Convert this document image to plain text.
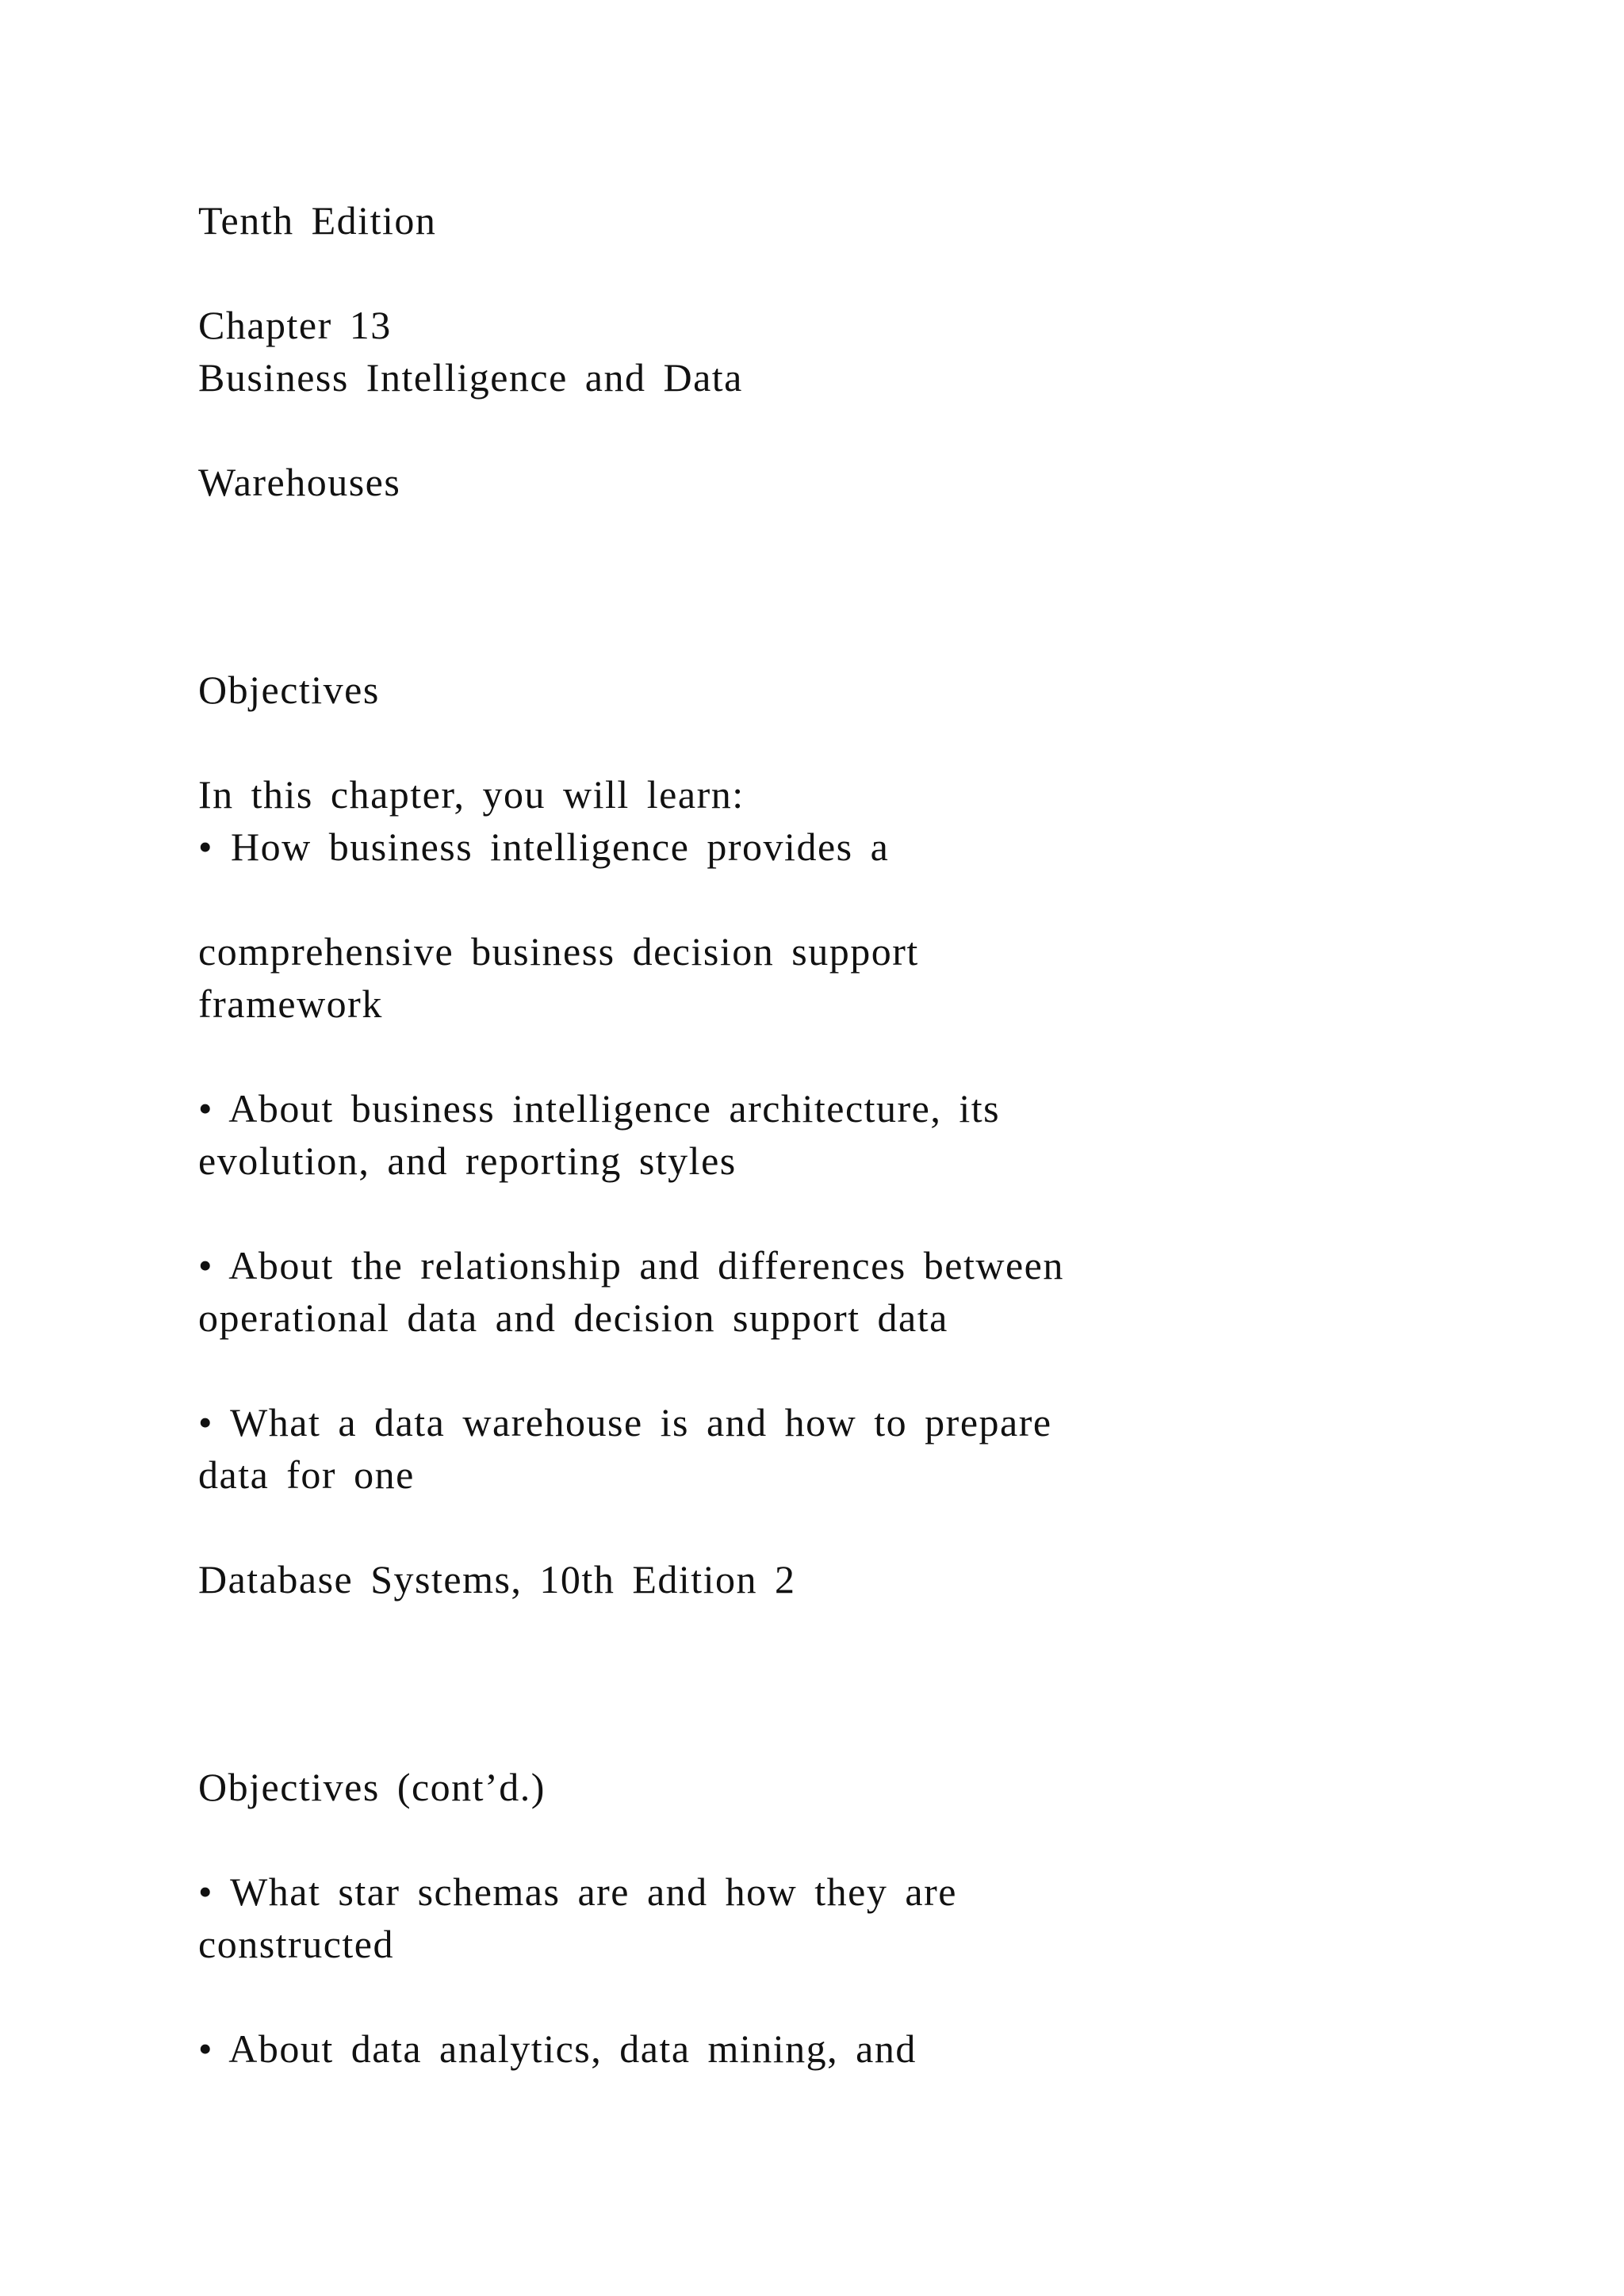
Tenth Edition

Chapter 13

Business Intelligence and Data

Warehouses

Objectives

In this chapter, you will learn:

• How business intelligence provides a

comprehensive business decision support

framework

• About business intelligence architecture, its

evolution, and reporting styles

• About the relationship and differences between

operational data and decision support data

• What a data warehouse is and how to prepare

data for one

Database Systems, 10th Edition 2

Objectives (cont’d.)

• What star schemas are and how they are

constructed

• About data analytics, data mining, and
